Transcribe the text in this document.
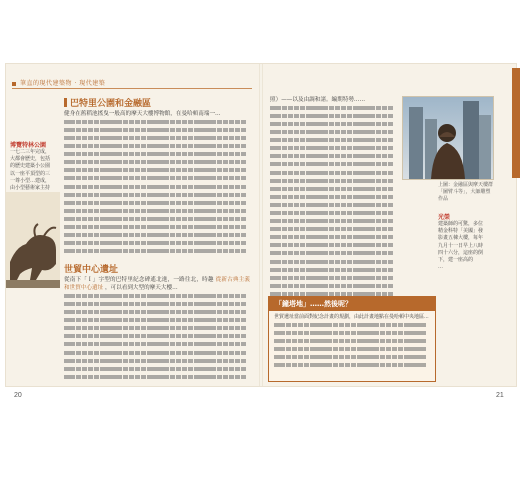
筆直的現代建築物 · 現代建築
博覽特林公園
一七二三年完成，
大都會歷史，包括
的歷史建築小公園
以一座平頂型的三
一尊小型…建成，
由小型藝術家主持
巴特里公園和金融區
健身在舊稻池搖曳一般高的摩天大樓博物館，在曼哈頓南端一…
世貿中心遺址
從南下「Ｉ」字型的巴特里紀念碑遙北進，一路往北，時趣 從新古典主義和世貿中心遺址 ，可以看到大型的摩天大樓…
20
照）——以及由調和諸。編期特勢……
上圖：金融區與摩天樓群「圖臂斗等」，大師雕塑作品
光榮
建築師的可驚，多位
精金科特「美國」發
影畫五棟大樓，每年
九月十一日早上八時
四十六分，這座的倒
下，建一座高的
…
「鐘塔地」……然後呢？
世貿遺址當前面對紀念計畫的規劃，由此計畫地點在曼哈頓中央地區...
21
